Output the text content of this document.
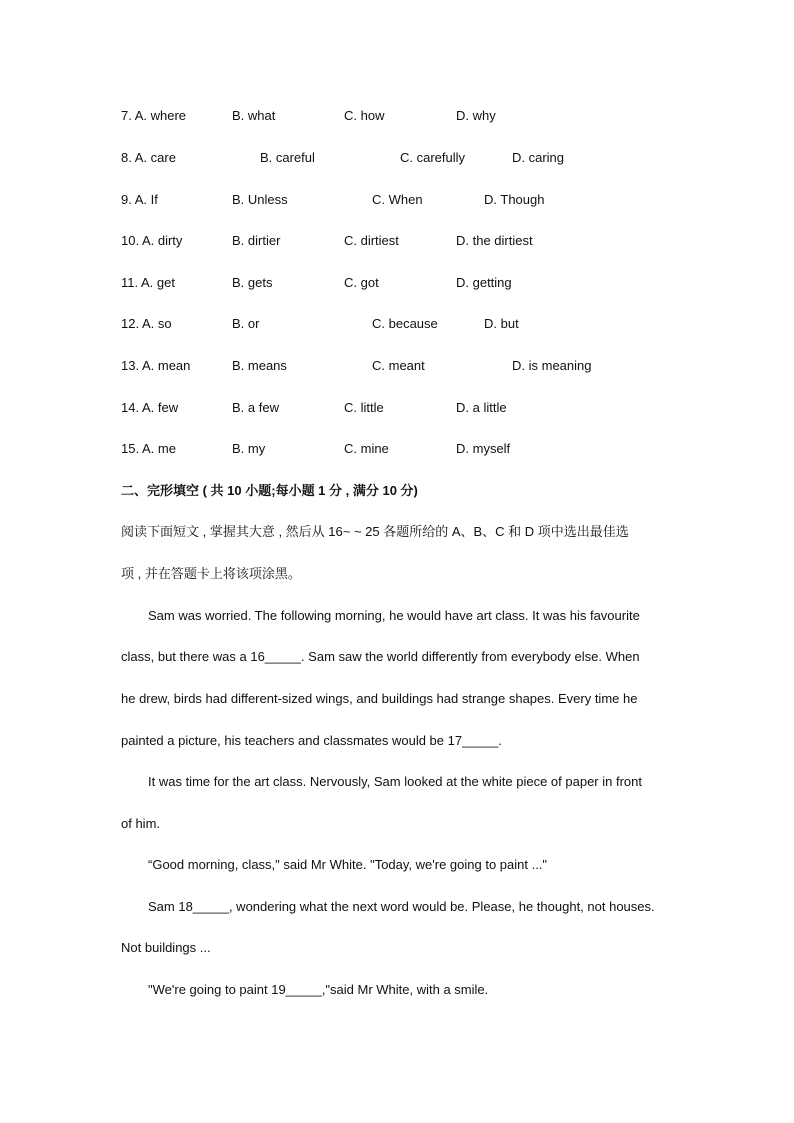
7. A. where	B. what	C. how	D. why
8. A. care	B. careful	C. carefully	D. caring
9. A. If	B. Unless	C. When	D. Though
10. A. dirty	B. dirtier	C. dirtiest	D. the dirtiest
11. A. get	B. gets	C. got	D. getting
12. A. so	B. or	C. because	D. but
13. A. mean	B. means	C. meant	D. is meaning
14. A. few	B. a few	C. little	D. a little
15. A. me	B. my	C. mine	D. myself
二、完形填空 ( 共 10 小题;每小题 1 分 , 满分 10 分)
阅读下面短文 , 掌握其大意 , 然后从 16~ ~ 25 各题所给的 A、B、C 和 D 项中选出最佳选
项 , 并在答题卡上将该项涂黑。
Sam was worried. The following morning, he would have art class. It was his favourite
class, but there was a 16_____. Sam saw the world differently from everybody else. When
he drew, birds had different-sized wings, and buildings had strange shapes. Every time he
painted a picture, his teachers and classmates would be 17_____.
It was time for the art class. Nervously, Sam looked at the white piece of paper in front
of him.
“Good morning, class," said Mr White. "Today, we're going to paint ..."
Sam 18_____, wondering what the next word would be. Please, he thought, not houses.
Not buildings ...
"We're going to paint 19_____,"said Mr White, with a smile.
